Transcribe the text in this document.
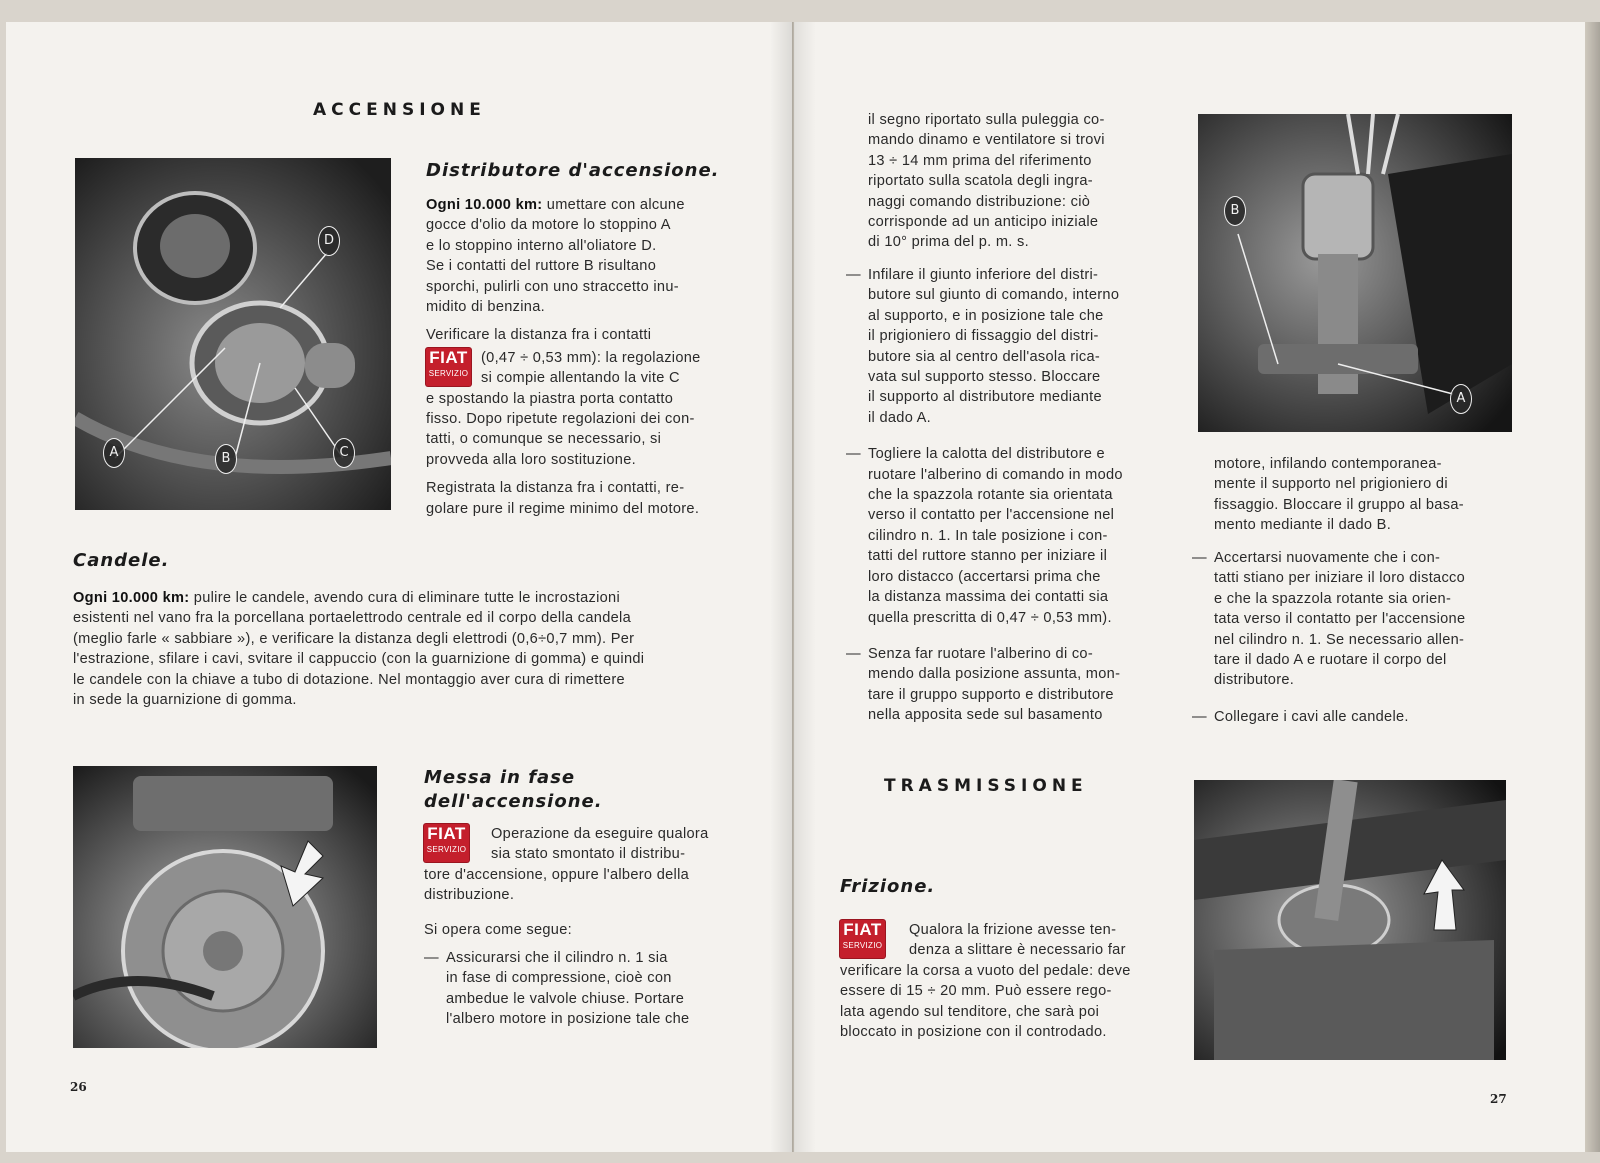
ACCENSIONE
D
A	B	C
Distributore d'accensione.

Ogni 10.000 km: umettare con alcune
gocce d'olio da motore lo stoppino A
e lo stoppino interno all'oliatore D.
Se i contatti del ruttore B risultano
sporchi, pulirli con uno straccetto inu-
midito di benzina.

Verificare la distanza fra i contatti
FIAT
SERVIZIO
(0,47 ÷ 0,53 mm): la regolazione
si compie allentando la vite C
e spostando la piastra porta contatto
fisso. Dopo ripetute regolazioni dei con-
tatti, o comunque se necessario, si
provveda alla loro sostituzione.

Registrata la distanza fra i contatti, re-
golare pure il regime minimo del motore.

Candele.
Ogni 10.000 km: pulire le candele, avendo cura di eliminare tutte le incrostazioni
esistenti nel vano fra la porcellana portaelettrodo centrale ed il corpo della candela
(meglio farle « sabbiare »), e verificare la distanza degli elettrodi (0,6÷0,7 mm). Per
l'estrazione, sfilare i cavi, svitare il cappuccio (con la guarnizione di gomma) e quindi
le candele con la chiave a tubo di dotazione. Nel montaggio aver cura di rimettere
in sede la guarnizione di gomma.
Messa in fase
dell'accensione.
FIAT
SERVIZIO
Operazione da eseguire qualora
sia stato smontato il distribu-

tore d'accensione, oppure l'albero della
distribuzione.

Si opera come segue:

— Assicurarsi che il cilindro n. 1 sia
in fase di compressione, cioè con
ambedue le valvole chiuse. Portare
l'albero motore in posizione tale che
26

il segno riportato sulla puleggia co-
mando dinamo e ventilatore si trovi
13 ÷ 14 mm prima del riferimento
riportato sulla scatola degli ingra-
naggi comando distribuzione: ciò
corrisponde ad un anticipo iniziale
di 10° prima del p. m. s.

— Infilare il giunto inferiore del distri-
butore sul giunto di comando, interno
al supporto, e in posizione tale che
il prigioniero di fissaggio del distri-
butore sia al centro dell'asola rica-
vata sul supporto stesso. Bloccare
il supporto al distributore mediante
il dado A.
— Togliere la calotta del distributore e
ruotare l'alberino di comando in modo
che la spazzola rotante sia orientata
verso il contatto per l'accensione nel
cilindro n. 1. In tale posizione i con-
tatti del ruttore stanno per iniziare il
loro distacco (accertarsi prima che
la distanza massima dei contatti sia
quella prescritta di 0,47 ÷ 0,53 mm).
— Senza far ruotare l'alberino di co-
mendo dalla posizione assunta, mon-
tare il gruppo supporto e distributore
nella apposita sede sul basamento
B
A

motore, infilando contemporanea-
mente il supporto nel prigioniero di
fissaggio. Bloccare il gruppo al basa-
mento mediante il dado B.

— Accertarsi nuovamente che i con-
tatti stiano per iniziare il loro distacco
e che la spazzola rotante sia orien-
tata verso il contatto per l'accensione
nel cilindro n. 1. Se necessario allen-
tare il dado A e ruotare il corpo del
distributore.
— Collegare i cavi alle candele.
TRASMISSIONE
Frizione.
FIAT
SERVIZIO
Qualora la frizione avesse ten-
denza a slittare è necessario far
verificare la corsa a vuoto del pedale: deve
essere di 15 ÷ 20 mm. Può essere rego-
lata agendo sul tenditore, che sarà poi
bloccato in posizione con il controdado.
27
